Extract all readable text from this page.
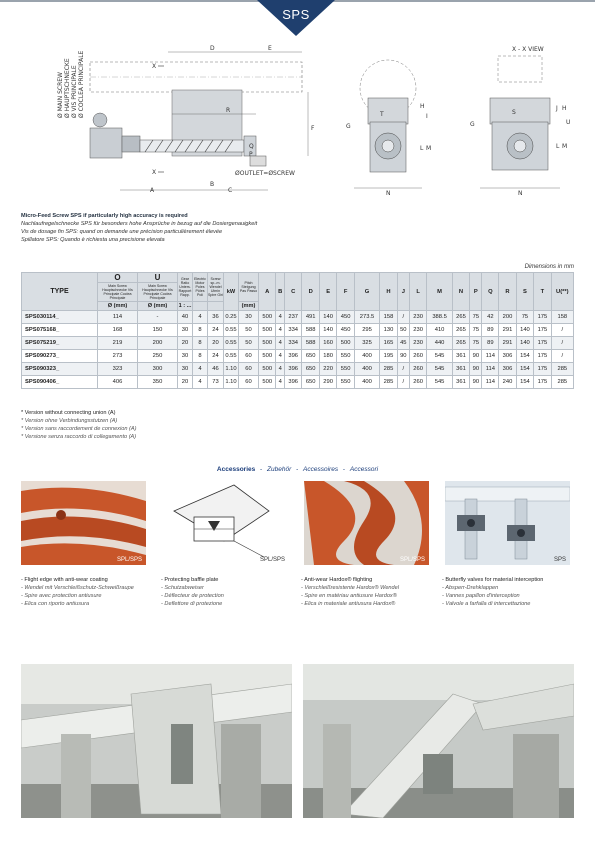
SPS
Ø MAIN SCREW Ø HAUPTSCHNECKE Ø VIS PRINCIPALE Ø COCLEA PRINCIPALE
D	E
X
ØOUTLET=ØSCREW
R
F
Q
P
B
C
A
X
N
G
H
I
L M
T
X - X VIEW
N
G
J H
L M
U
S
Micro-Feed Screw SPS if particularly high accuracy is required
Nachlaufregelschnecke SPS für besonders hohe Ansprüche in bezug auf die Dosiergenauigkeit
Vis de dosage fin SPS: quand on demande une précision particulièrement élevée
Spillatore SPS: Quando è richiesta una precisione elevata
Dimensions in mm
TYPE	O	U	Gear Ratio Unters. Rapport Rapp.	Electric Motor Poles Pôles Poli	Screw sp.-m. Wendel Ulmin Spire Giri	kW	Pitch Steigung Pas Passo	A	B	C	D	E	F	G	H	J	L	M	N	P	Q	R	S	T	U(**)
	Main Screw Hauptschnecke Vis Principale Coclea Principale	Main Screw Hauptschnecke Vis Principale Coclea Principale																							
	Ø (mm)	Ø (mm)	1 : ...				(mm)																		
SPS030114_	114	-	40	4	36	0.25	30	500	4	237	491	140	450	273.5	158	/	230	388.5	265	75	42	200	75	175	158
SPS075168_	168	150	30	8	24	0.55	50	500	4	334	588	140	450	295	130	50	230	410	265	75	89	291	140	175	/
SPS075219_	219	200	20	8	20	0.55	50	500	4	334	588	160	500	325	165	45	230	440	265	75	89	291	140	175	/
SPS090273_	273	250	30	8	24	0.55	60	500	4	396	650	180	550	400	195	90	260	545	361	90	114	306	154	175	/
SPS090323_	323	300	30	4	46	1.10	60	500	4	396	650	220	550	400	285	/	260	545	361	90	114	306	154	175	285
SPS090406_	406	350	20	4	73	1.10	60	500	4	396	650	290	550	400	285	/	260	545	361	90	114	240	154	175	285
* Version without connecting union (A)
* Version ohne Verbindungsstutzen (A)
* Version sans raccordement de connexion (A)
* Versione senza raccordo di collegamento (A)
Accessories - Zubehör - Accessoires - Accessori
SPL/SPS	SPL/SPS	SPL/SPS	SPS
- Flight edge with anti-wear coating
- Wendel mit Verschleißschutz-Schweißraupe
- Spire avec protection antiusure
- Elica con riporto antiusura
- Protecting baffle plate
- Schutzabweiser
- Déflecteur de protection
- Deflettore di protezione
- Anti-wear Hardox® flighting
- Verschleißresistente Hardox® Wendel
- Spire en matériau antiusure Hardox®
- Elica in materiale antiusura Hardox®
- Butterfly valves for material interception
- Absperr-Drehklappen
- Vannes papillon d'interception
- Valvole a farfalla di intercettazione
